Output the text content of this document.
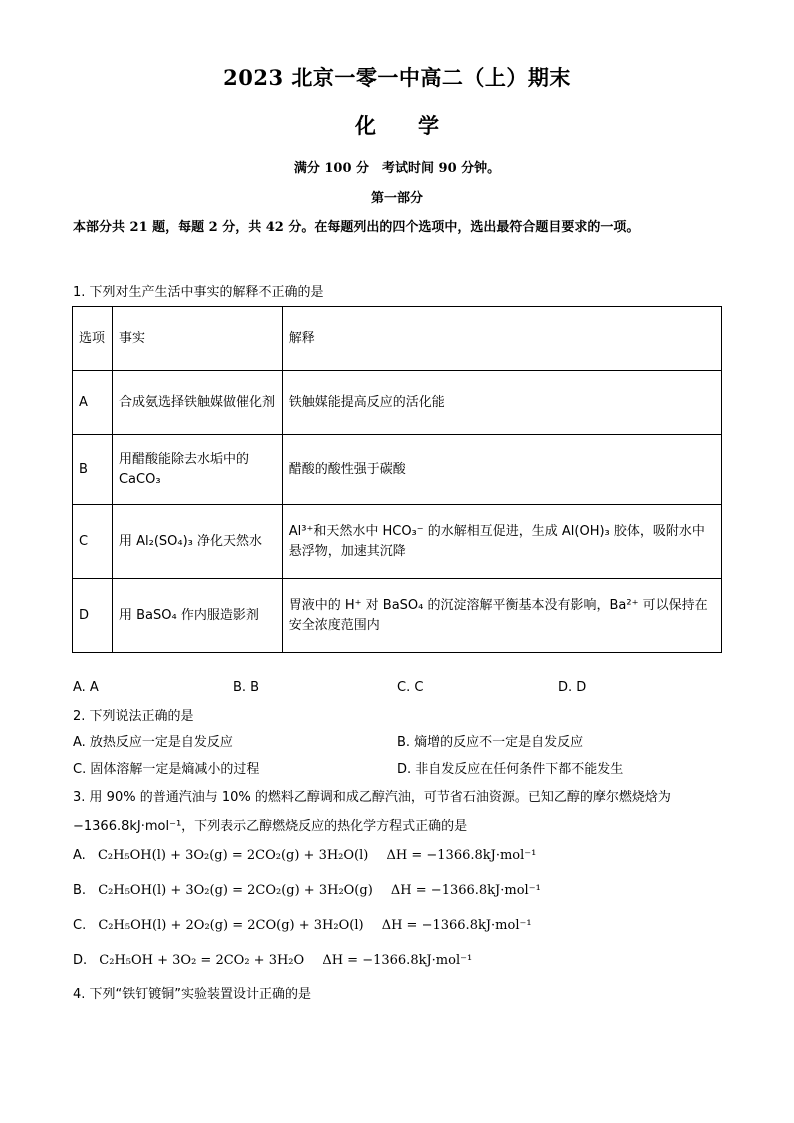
2023 北京一零一中高二（上）期末
化　　学
满分 100 分　考试时间 90 分钟。
第一部分
本部分共 21 题，每题 2 分，共 42 分。在每题列出的四个选项中，选出最符合题目要求的一项。
1. 下列对生产生活中事实的解释不正确的是
选项	事实	解释
A	合成氨选择铁触媒做催化剂	铁触媒能提高反应的活化能
B	用醋酸能除去水垢中的 CaCO₃	醋酸的酸性强于碳酸
C	用 Al₂(SO₄)₃ 净化天然水	Al³⁺和天然水中 HCO₃⁻ 的水解相互促进，生成 Al(OH)₃ 胶体，吸附水中悬浮物，加速其沉降
D	用 BaSO₄ 作内服造影剂	胃液中的 H⁺ 对 BaSO₄ 的沉淀溶解平衡基本没有影响，Ba²⁺ 可以保持在安全浓度范围内
A. A	B. B	C. C	D. D
2. 下列说法正确的是
A. 放热反应一定是自发反应	B. 熵增的反应不一定是自发反应
C. 固体溶解一定是熵减小的过程	D. 非自发反应在任何条件下都不能发生
3. 用 90% 的普通汽油与 10% 的燃料乙醇调和成乙醇汽油，可节省石油资源。已知乙醇的摩尔燃烧焓为
−1366.8kJ·mol⁻¹，下列表示乙醇燃烧反应的热化学方程式正确的是
A. C₂H₅OH(l) + 3O₂(g) = 2CO₂(g) + 3H₂O(l) ΔH = −1366.8kJ·mol⁻¹
B. C₂H₅OH(l) + 3O₂(g) = 2CO₂(g) + 3H₂O(g) ΔH = −1366.8kJ·mol⁻¹
C. C₂H₅OH(l) + 2O₂(g) = 2CO(g) + 3H₂O(l) ΔH = −1366.8kJ·mol⁻¹
D. C₂H₅OH + 3O₂ = 2CO₂ + 3H₂O ΔH = −1366.8kJ·mol⁻¹
4. 下列“铁钉镀铜”实验装置设计正确的是
